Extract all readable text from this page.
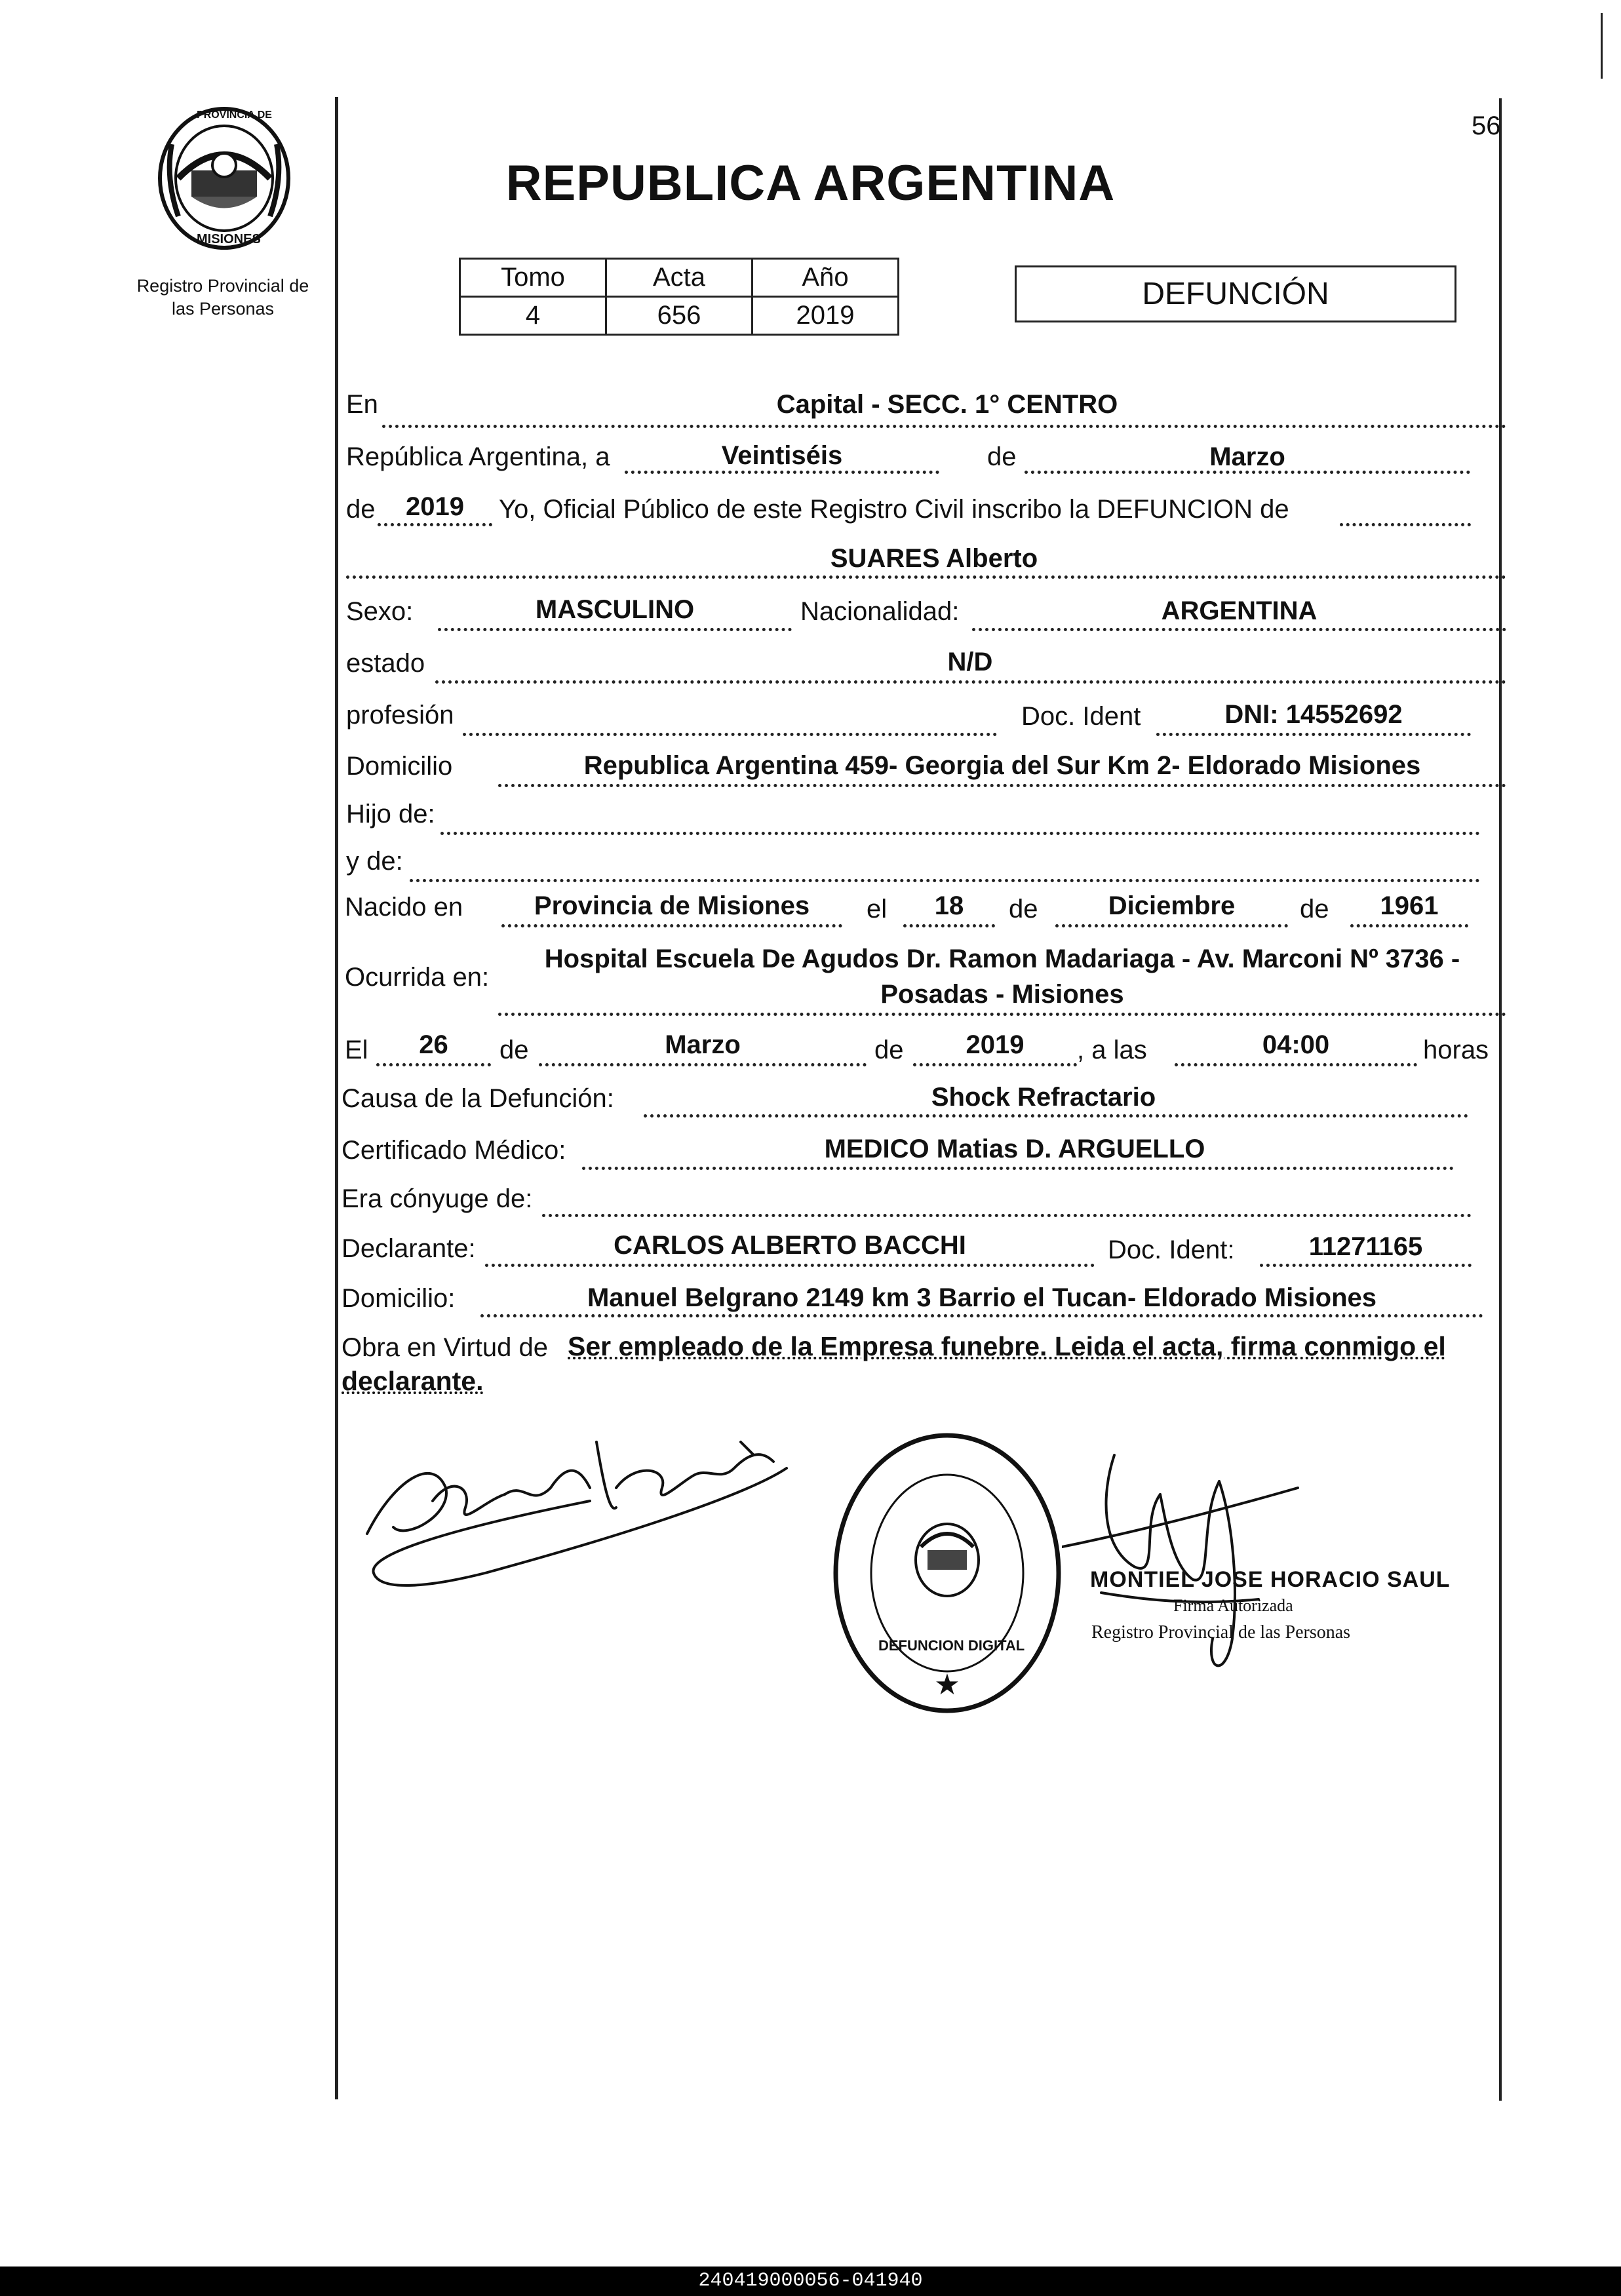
PROVINCIA DE
MISIONES
Registro Provincial de
las Personas
56
REPUBLICA ARGENTINA
Tomo	Acta	Año
4	656	2019
DEFUNCIÓN
En	Capital - SECC. 1° CENTRO
República Argentina, a	Veintiséis	de	Marzo
de	2019	Yo, Oficial Público de este Registro Civil inscribo la DEFUNCION de
SUARES Alberto
Sexo:	MASCULINO	Nacionalidad:	ARGENTINA
estado	N/D
profesión	Doc. Ident	DNI: 14552692
Domicilio	Republica Argentina 459- Georgia del Sur Km 2- Eldorado Misiones
Hijo de:
y de:
Nacido en	Provincia de Misiones	el	18	de	Diciembre	de	1961
Ocurrida en:
Hospital Escuela De Agudos Dr. Ramon Madariaga - Av. Marconi Nº 3736 -
Posadas - Misiones
El	26	de	Marzo	de	2019	, a las	04:00	horas
Causa de la Defunción:	Shock Refractario
Certificado Médico:	MEDICO Matias D. ARGUELLO
Era cónyuge de:
Declarante:	CARLOS ALBERTO BACCHI	Doc. Ident:	11271165
Domicilio:	Manuel Belgrano 2149 km 3 Barrio el Tucan- Eldorado Misiones
Obra en Virtud de Ser empleado de la Empresa funebre. Leida el acta, firma conmigo el
declarante.
★
DEFUNCION DIGITAL
MONTIEL JOSE HORACIO SAUL
Firma Autorizada
Registro Provincial de las Personas
240419000056-041940
